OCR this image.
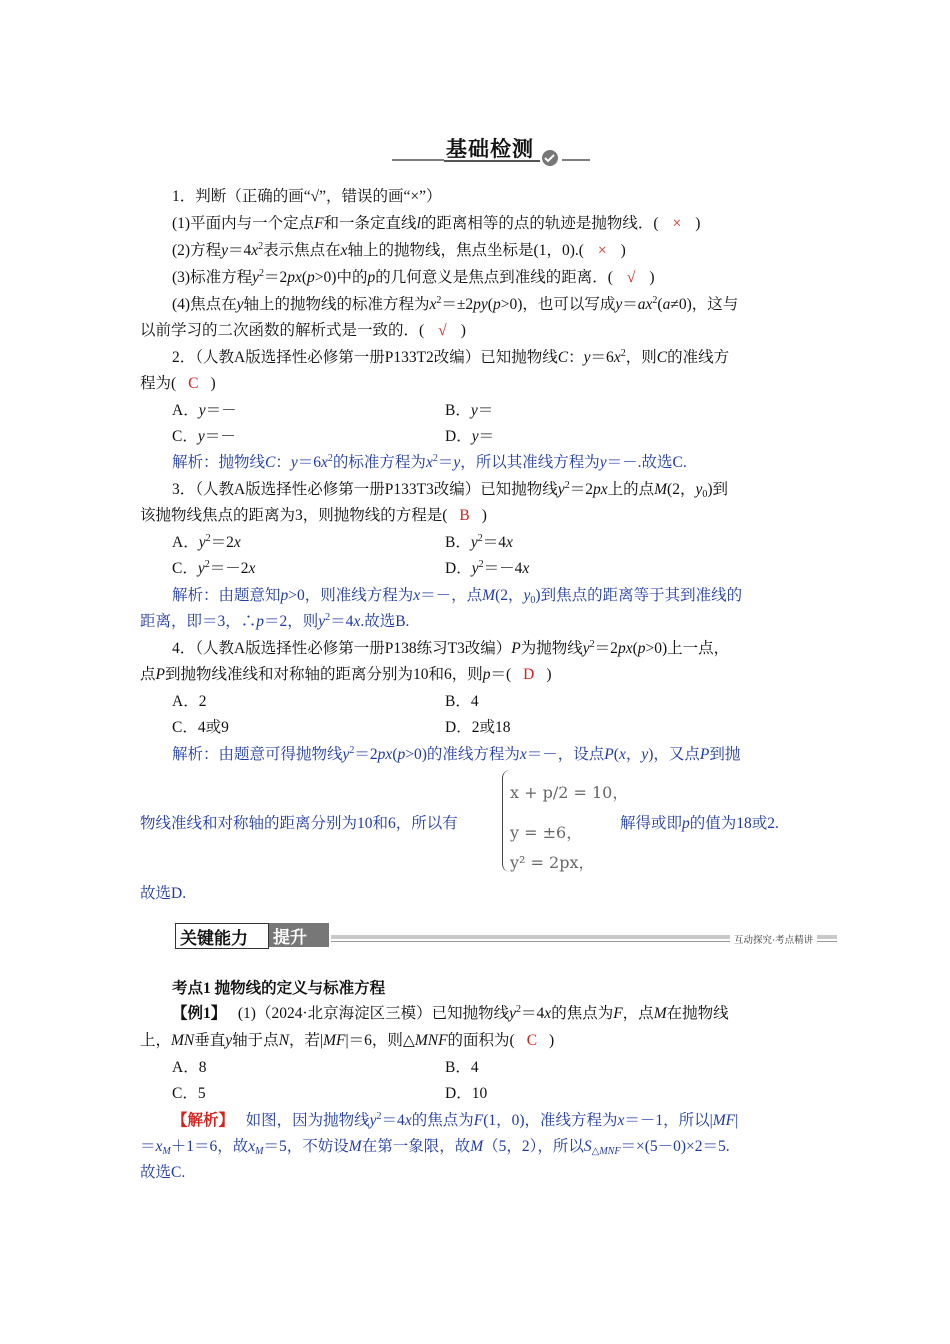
基础检测
1．判断（正确的画“√”，错误的画“×”）
(1)平面内与一个定点F和一条定直线l的距离相等的点的轨迹是抛物线．( × )
(2)方程$y=4x^2$表示焦点在x轴上的抛物线，焦点坐标是(1，0).( × )
(3)标准方程$y^2=2px(p>0)$中的p的几何意义是焦点到准线的距离．( √ )
(4)焦点在y轴上的抛物线的标准方程为$x^2=\pm 2py(p>0)$，也可以写成$y=ax^2(a\ne 0)$，这与
以前学习的二次函数的解析式是一致的．( √ )
2．（人教A版选择性必修第一册P133T2改编）已知抛物线C：$y=6x^2$，则C的准线方
程为( C )
A．y＝－	B．y＝
C．y＝－	D．y＝
解析：抛物线C：$y=6x^2$的标准方程为$x^2=y$，所以其准线方程为y＝－.故选C.
3．（人教A版选择性必修第一册P133T3改编）已知抛物线$y^2=2px$上的点M(2，$y_0$)到
该抛物线焦点的距离为3，则抛物线的方程是( B )
A．$y^2=2x$	B．$y^2=4x$
C．$y^2=-2x$	D．$y^2=-4x$
解析：由题意知p>0，则准线方程为x＝－，点M(2，$y_0$)到焦点的距离等于其到准线的
距离，即＝3，∴p＝2，则$y^2=4x$.故选B.
4．（人教A版选择性必修第一册P138练习T3改编）P为抛物线$y^2=2px(p>0)$上一点，
点P到抛物线准线和对称轴的距离分别为10和6，则p＝( D )
A．2	B．4
C．4或9	D．2或18
解析：由题意可得抛物线$y^2=2px(p>0)$的准线方程为x＝－，设点P(x，y)，又点P到抛
物线准线和对称轴的距离分别为10和6，所以有
x + p/2 = 10，
y = ±6，
y² = 2px，
解得或即p的值为18或2.
故选D.
关键能力 提升	互动探究·考点精讲
考点1 抛物线的定义与标准方程
【例1】 (1)（2024·北京海淀区三模）已知抛物线$y^2=4x$的焦点为F，点M在抛物线
上，MN垂直y轴于点N，若|MF|＝6，则△MNF的面积为( C )
A．8	B．4
C．5	D．10
【解析】 如图，因为抛物线$y^2=4x$的焦点为F(1，0)，准线方程为x＝－1，所以|MF|
$=x_M+1=6$，故$x_M=5$，不妨设M在第一象限，故M（5，2），所以$S_{\triangle MNF}=\times(5-0)\times 2=5$.
故选C.
